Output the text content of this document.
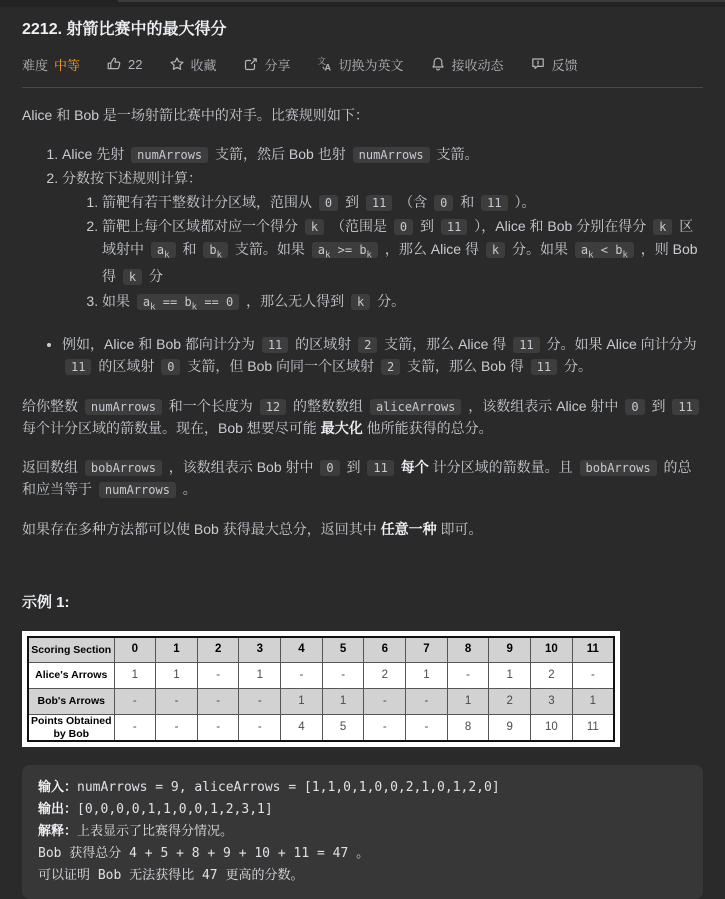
2212. 射箭比赛中的最大得分
难度 中等	22	收藏	分享	文
A 切换为英文	接收动态	反馈

Alice 和 Bob 是一场射箭比赛中的对手。比赛规则如下：

1. Alice 先射 numArrows 支箭，然后 Bob 也射 numArrows 支箭。
2. 分数按下述规则计算：
1. 箭靶有若干整数计分区域，范围从 0 到 11 （含 0 和 11 ）。
2. 箭靶上每个区域都对应一个得分 k （范围是 0 到 11 ），Alice 和 Bob 分别在得分 k 区域射中 $a_k$ 和 $b_k$ 支箭。如果 $a_k >= b_k$ ，那么 Alice 得 k 分。如果 $a_k < b_k$ ，则 Bob 得 k 分
3. 如果 $a_k == b_k == 0$ ，那么无人得到 k 分。
• 例如，Alice 和 Bob 都向计分为 11 的区域射 2 支箭，那么 Alice 得 11 分。如果 Alice 向计分为 11 的区域射 0 支箭，但 Bob 向同一个区域射 2 支箭，那么 Bob 得 11 分。

给你整数 numArrows 和一个长度为 12 的整数数组 aliceArrows ，该数组表示 Alice 射中 0 到 11 每个计分区域的箭数量。现在，Bob 想要尽可能 最大化 他所能获得的总分。

返回数组 bobArrows ，该数组表示 Bob 射中 0 到 11 每个 计分区域的箭数量。且 bobArrows 的总和应当等于 numArrows 。

如果存在多种方法都可以使 Bob 获得最大总分，返回其中 任意一种 即可。

示例 1:

Scoring Section	0	1	2	3	4	5	6	7	8	9	10	11
Alice's Arrows	1	1	-	1	-	-	2	1	-	1	2	-
Bob's Arrows	-	-	-	-	1	1	-	-	1	2	3	1
Points Obtained by Bob	-	-	-	-	4	5	-	-	8	9	10	11
输入：numArrows = 9, aliceArrows = [1,1,0,1,0,0,2,1,0,1,2,0]
输出：[0,0,0,0,1,1,0,0,1,2,3,1]
解释：上表显示了比赛得分情况。
Bob 获得总分 4 + 5 + 8 + 9 + 10 + 11 = 47 。
可以证明 Bob 无法获得比 47 更高的分数。
